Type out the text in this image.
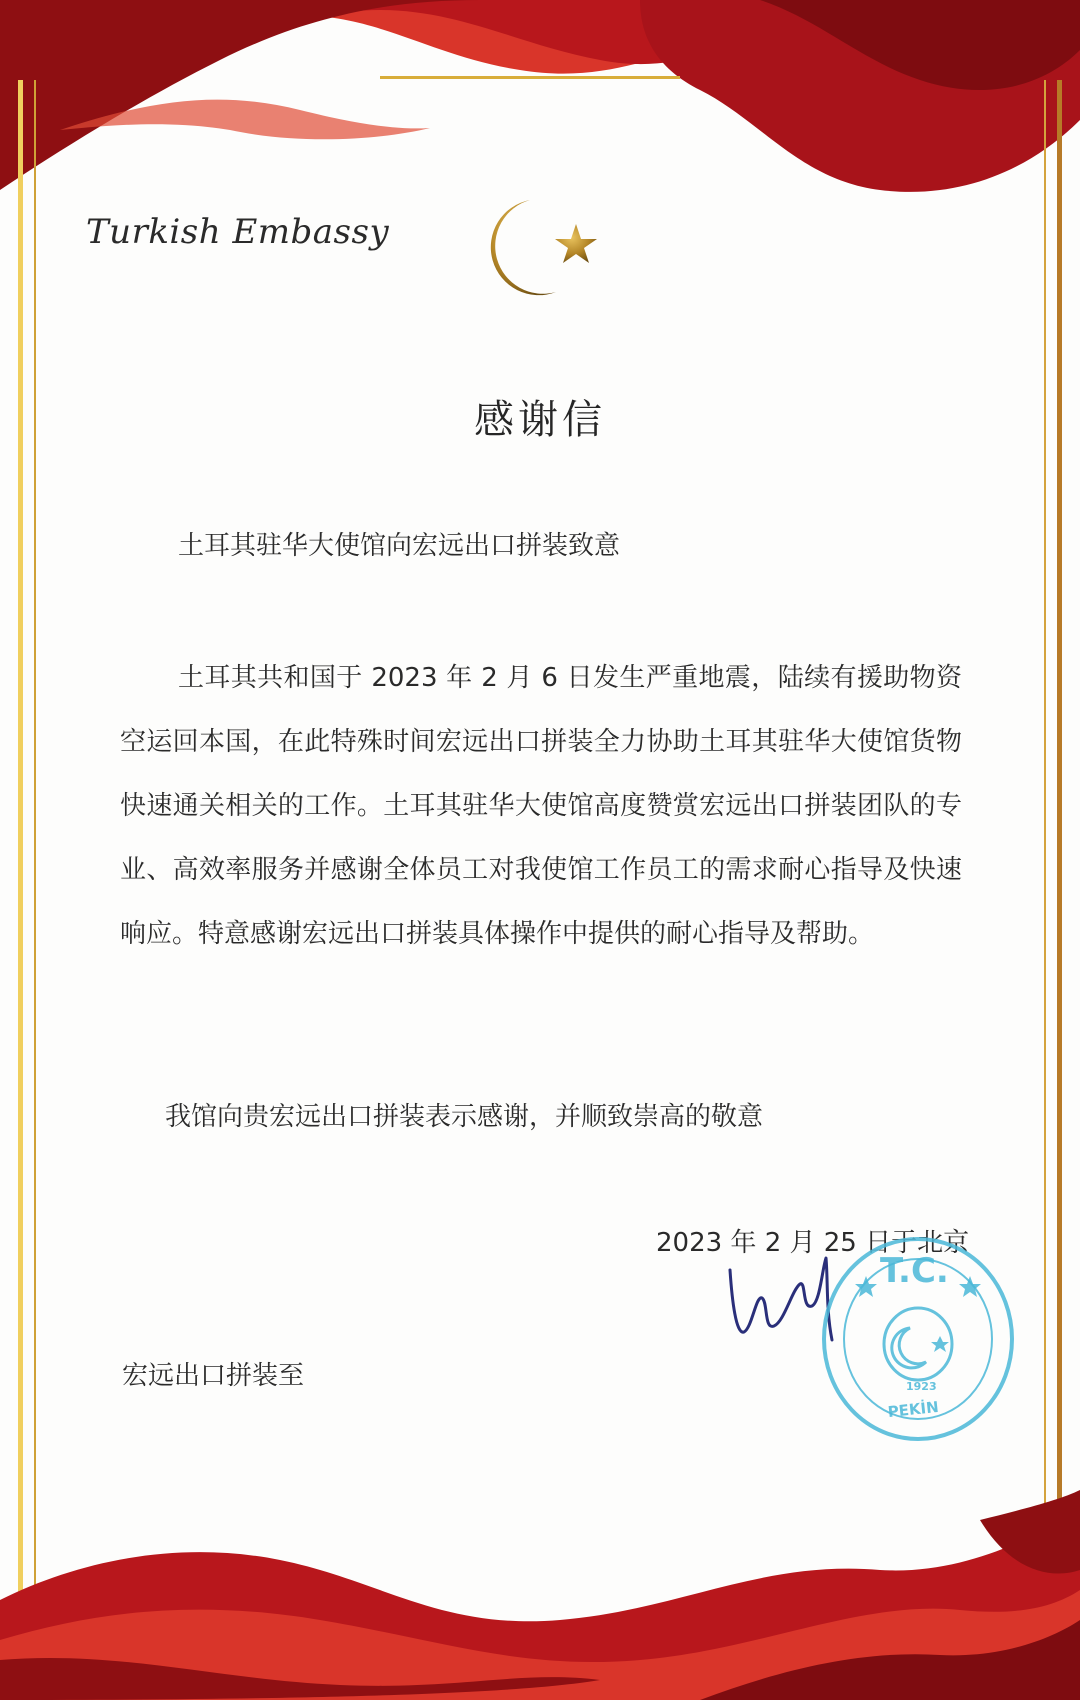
Turkish Embassy
感谢信
土耳其驻华大使馆向宏远出口拼装致意
土耳其共和国于 2023 年 2 月 6 日发生严重地震，陆续有援助物资空运回本国，在此特殊时间宏远出口拼装全力协助土耳其驻华大使馆货物快速通关相关的工作。土耳其驻华大使馆高度赞赏宏远出口拼装团队的专业、高效率服务并感谢全体员工对我使馆工作员工的需求耐心指导及快速响应。特意感谢宏远出口拼装具体操作中提供的耐心指导及帮助。
我馆向贵宏远出口拼装表示感谢，并顺致崇高的敬意
2023 年 2 月 25 日于北京
T.C.
1923
PEKİN
宏远出口拼装至
